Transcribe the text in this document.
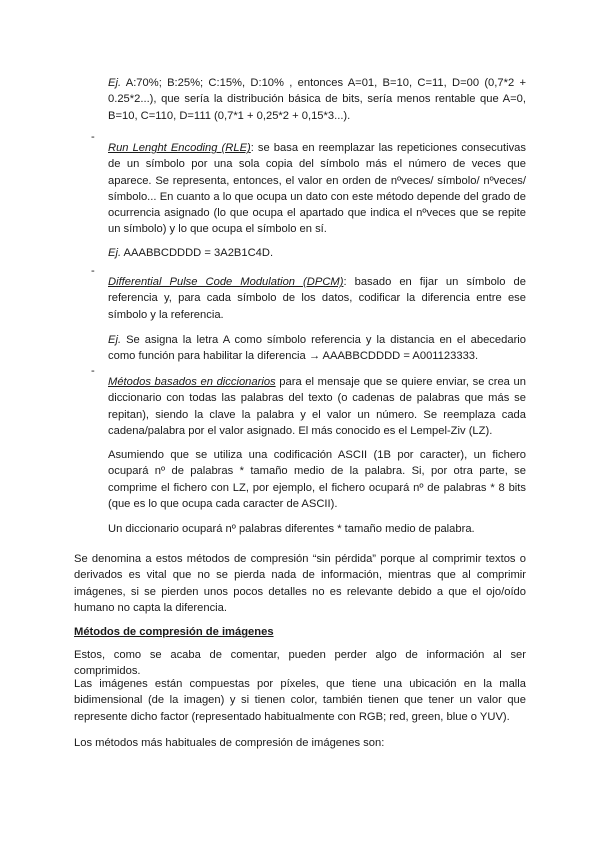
Ej. A:70%; B:25%; C:15%, D:10% , entonces A=01, B=10, C=11, D=00 (0,7*2 + 0.25*2...), que sería la distribución básica de bits, sería menos rentable que A=0, B=10, C=110, D=111 (0,7*1 + 0,25*2 + 0,15*3...).

-

Run Lenght Encoding (RLE): se basa en reemplazar las repeticiones consecutivas de un símbolo por una sola copia del símbolo más el número de veces que aparece. Se representa, entonces, el valor en orden de nºveces/ símbolo/ nºveces/ símbolo... En cuanto a lo que ocupa un dato con este método depende del grado de ocurrencia asignado (lo que ocupa el apartado que indica el nºveces que se repite un símbolo) y lo que ocupa el símbolo en sí.

Ej. AAABBCDDDD = 3A2B1C4D.

-

Differential Pulse Code Modulation (DPCM): basado en fijar un símbolo de referencia y, para cada símbolo de los datos, codificar la diferencia entre ese símbolo y la referencia.

Ej. Se asigna la letra A como símbolo referencia y la distancia en el abecedario como función para habilitar la diferencia → AAABBCDDDD = A001123333.

-

Métodos basados en diccionarios para el mensaje que se quiere enviar, se crea un diccionario con todas las palabras del texto (o cadenas de palabras que más se repitan), siendo la clave la palabra y el valor un número. Se reemplaza cada cadena/palabra por el valor asignado. El más conocido es el Lempel-Ziv (LZ).

Asumiendo que se utiliza una codificación ASCII (1B por caracter), un fichero ocupará nº de palabras * tamaño medio de la palabra. Si, por otra parte, se comprime el fichero con LZ, por ejemplo, el fichero ocupará nº de palabras * 8 bits (que es lo que ocupa cada caracter de ASCII).

Un diccionario ocupará nº palabras diferentes * tamaño medio de palabra.

Se denomina a estos métodos de compresión “sin pérdida” porque al comprimir textos o derivados es vital que no se pierda nada de información, mientras que al comprimir imágenes, si se pierden unos pocos detalles no es relevante debido a que el ojo/oído humano no capta la diferencia.

Métodos de compresión de imágenes

Estos, como se acaba de comentar, pueden perder algo de información al ser comprimidos.

Las imágenes están compuestas por píxeles, que tiene una ubicación en la malla bidimensional (de la imagen) y si tienen color, también tienen que tener un valor que represente dicho factor (representado habitualmente con RGB; red, green, blue o YUV).

Los métodos más habituales de compresión de imágenes son:
